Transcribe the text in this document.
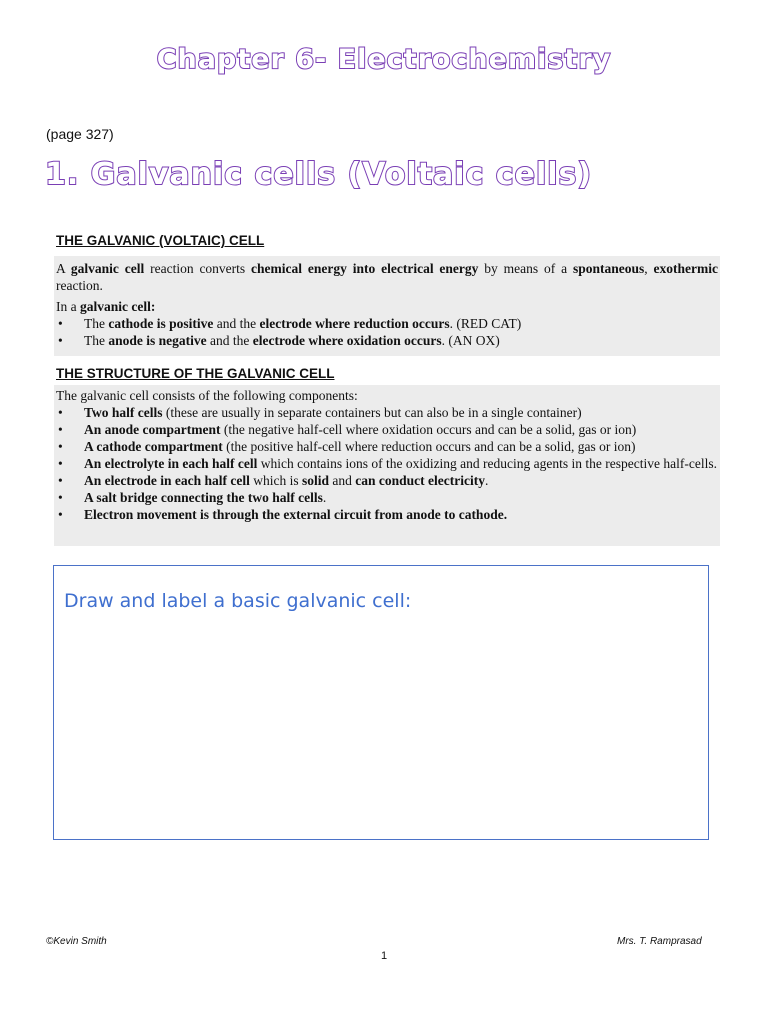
Chapter 6- Electrochemistry
(page 327)
1. Galvanic cells (Voltaic cells)
THE GALVANIC (VOLTAIC) CELL

A galvanic cell reaction converts chemical energy into electrical energy by means of a spontaneous, exothermic reaction.

In a galvanic cell:

• The cathode is positive and the electrode where reduction occurs. (RED CAT)
• The anode is negative and the electrode where oxidation occurs. (AN OX)
THE STRUCTURE OF THE GALVANIC CELL

The galvanic cell consists of the following components:

• Two half cells (these are usually in separate containers but can also be in a single container)
• An anode compartment (the negative half-cell where oxidation occurs and can be a solid, gas or ion)
• A cathode compartment (the positive half-cell where reduction occurs and can be a solid, gas or ion)
• An electrolyte in each half cell which contains ions of the oxidizing and reducing agents in the respective half-cells.
• An electrode in each half cell which is solid and can conduct electricity.
• A salt bridge connecting the two half cells.
• Electron movement is through the external circuit from anode to cathode.
Draw and label a basic galvanic cell:
©Kevin Smith	Mrs. T. Ramprasad
1
